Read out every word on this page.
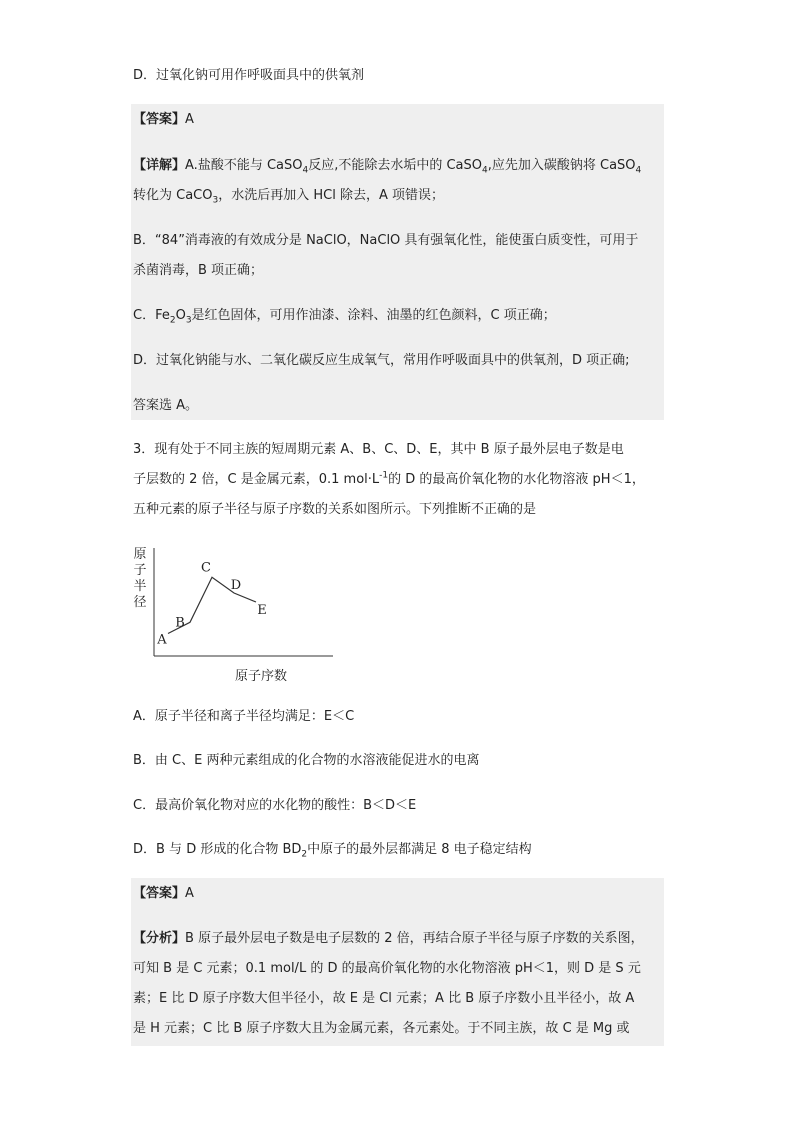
D．过氧化钠可用作呼吸面具中的供氧剂
【答案】A
【详解】A.盐酸不能与 CaSO$_4$反应,不能除去水垢中的 CaSO$_4$,应先加入碳酸钠将 CaSO$_4$
转化为 CaCO$_3$，水洗后再加入 HCl 除去，A 项错误；
B．“84”消毒液的有效成分是 NaClO，NaClO 具有强氧化性，能使蛋白质变性，可用于
杀菌消毒，B 项正确；
C．$Fe_2O_3$是红色固体，可用作油漆、涂料、油墨的红色颜料，C 项正确；
D．过氧化钠能与水、二氧化碳反应生成氧气，常用作呼吸面具中的供氧剂，D 项正确;
答案选 A。
3．现有处于不同主族的短周期元素 A、B、C、D、E，其中 B 原子最外层电子数是电
子层数的 2 倍，C 是金属元素，0.1 $mol\cdot L^{-1}$的 D 的最高价氧化物的水化物溶液 pH＜1，
五种元素的原子半径与原子序数的关系如图所示。下列推断不正确的是
原
子
半
径
原子序数
A
B
C
D
E
A．原子半径和离子半径均满足：E＜C
B．由 C、E 两种元素组成的化合物的水溶液能促进水的电离
C．最高价氧化物对应的水化物的酸性：B＜D＜E
D．B 与 D 形成的化合物 $BD_2$中原子的最外层都满足 8 电子稳定结构
【答案】A
【分析】B 原子最外层电子数是电子层数的 2 倍，再结合原子半径与原子序数的关系图，
可知 B 是 C 元素；0.1 mol/L 的 D 的最高价氧化物的水化物溶液 pH＜1，则 D 是 S 元
素；E 比 D 原子序数大但半径小，故 E 是 Cl 元素；A 比 B 原子序数小且半径小，故 A
是 H 元素；C 比 B 原子序数大且为金属元素，各元素处。于不同主族，故 C 是 Mg 或
